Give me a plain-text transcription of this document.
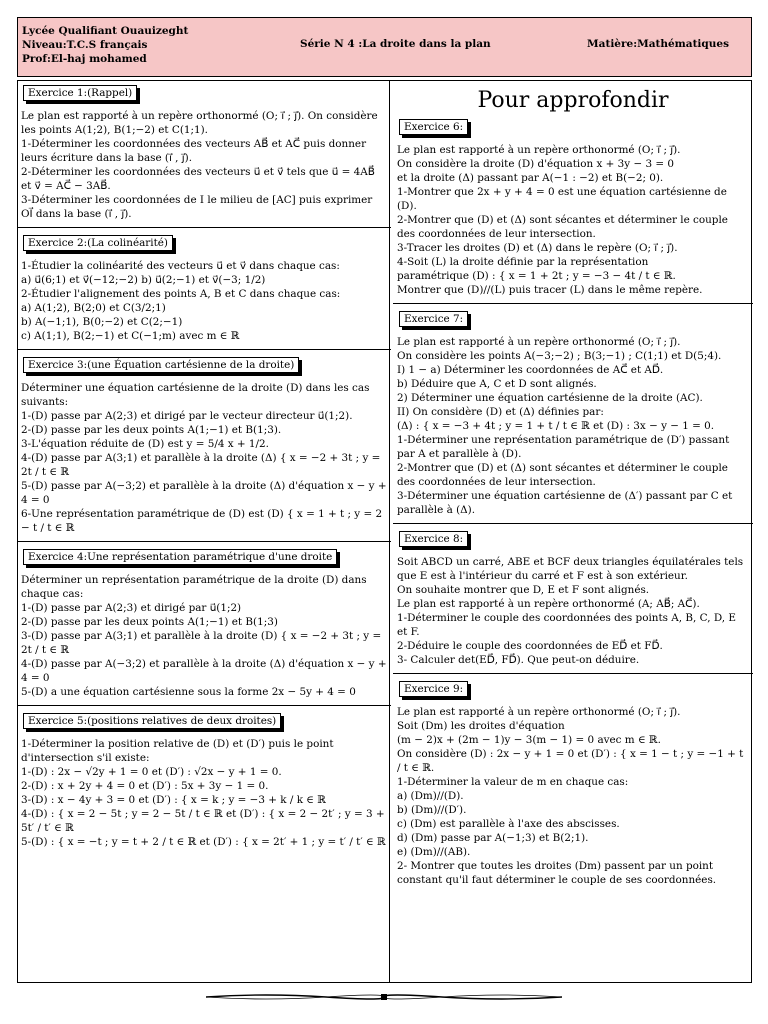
Lycée Qualifiant Ouauizeght
Niveau:T.C.S français
Prof:El-haj mohamed
Série N 4 :La droite dans la plan	Matière:Mathématiques
Exercice 1:(Rappel)

Le plan est rapporté à un repère orthonormé (O; i⃗ ; j⃗). On considère les points A(1;2), B(1;−2) et C(1;1).

1-Déterminer les coordonnées des vecteurs AB⃗ et AC⃗ puis donner leurs écriture dans la base (i⃗ , j⃗).

2-Déterminer les coordonnées des vecteurs u⃗ et v⃗ tels que u⃗ = 4AB⃗ et v⃗ = AC⃗ − 3AB⃗.

3-Déterminer les coordonnées de I le milieu de [AC] puis exprimer OI⃗ dans la base (i⃗ , j⃗).

Exercice 2:(La colinéarité)

1-Étudier la colinéarité des vecteurs u⃗ et v⃗ dans chaque cas:

a) u⃗(6;1) et v⃗(−12;−2) b) u⃗(2;−1) et v⃗(−3; 1/2)

2-Étudier l'alignement des points A, B et C dans chaque cas:

a) A(1;2), B(2;0) et C(3/2;1)

b) A(−1;1), B(0;−2) et C(2;−1)

c) A(1;1), B(2;−1) et C(−1;m) avec m ∈ ℝ

Exercice 3:(une Équation cartésienne de la droite)

Déterminer une équation cartésienne de la droite (D) dans les cas suivants:

1-(D) passe par A(2;3) et dirigé par le vecteur directeur u⃗(1;2).

2-(D) passe par les deux points A(1;−1) et B(1;3).

3-L'équation réduite de (D) est y = 5/4 x + 1/2.

4-(D) passe par A(3;1) et parallèle à la droite (Δ) { x = −2 + 3t ; y = 2t / t ∈ ℝ

5-(D) passe par A(−3;2) et parallèle à la droite (Δ) d'équation x − y + 4 = 0

6-Une représentation paramétrique de (D) est (D) { x = 1 + t ; y = 2 − t / t ∈ ℝ

Exercice 4:Une représentation paramétrique d'une droite

Déterminer un représentation paramétrique de la droite (D) dans chaque cas:

1-(D) passe par A(2;3) et dirigé par u⃗(1;2)

2-(D) passe par les deux points A(1;−1) et B(1;3)

3-(D) passe par A(3;1) et parallèle à la droite (D) { x = −2 + 3t ; y = 2t / t ∈ ℝ

4-(D) passe par A(−3;2) et parallèle à la droite (Δ) d'équation x − y + 4 = 0

5-(D) a une équation cartésienne sous la forme 2x − 5y + 4 = 0

Exercice 5:(positions relatives de deux droites)

1-Déterminer la position relative de (D) et (D′) puis le point d'intersection s'il existe:

1-(D) : 2x − √2y + 1 = 0 et (D′) : √2x − y + 1 = 0.

2-(D) : x + 2y + 4 = 0 et (D′) : 5x + 3y − 1 = 0.

3-(D) : x − 4y + 3 = 0 et (D′) : { x = k ; y = −3 + k / k ∈ ℝ

4-(D) : { x = 2 − 5t ; y = 2 − 5t / t ∈ ℝ et (D′) : { x = 2 − 2t′ ; y = 3 + 5t′ / t′ ∈ ℝ

5-(D) : { x = −t ; y = t + 2 / t ∈ ℝ et (D′) : { x = 2t′ + 1 ; y = t′ / t′ ∈ ℝ

Pour approfondir
Exercice 6:

Le plan est rapporté à un repère orthonormé (O; i⃗ ; j⃗).

On considère la droite (D) d'équation x + 3y − 3 = 0

et la droite (Δ) passant par A(−1 : −2) et B(−2; 0).

1-Montrer que 2x + y + 4 = 0 est une équation cartésienne de (D).

2-Montrer que (D) et (Δ) sont sécantes et déterminer le couple des coordonnées de leur intersection.

3-Tracer les droites (D) et (Δ) dans le repère (O; i⃗ ; j⃗).

4-Soit (L) la droite définie par la représentation

paramétrique (D) : { x = 1 + 2t ; y = −3 − 4t / t ∈ ℝ.

Montrer que (D)//(L) puis tracer (L) dans le même repère.

Exercice 7:

Le plan est rapporté à un repère orthonormé (O; i⃗ ; j⃗).

On considère les points A(−3;−2) ; B(3;−1) ; C(1;1) et D(5;4).

I) 1 − a) Déterminer les coordonnées de AC⃗ et AD⃗.

b) Déduire que A, C et D sont alignés.

2) Déterminer une équation cartésienne de la droite (AC).

II) On considère (D) et (Δ) définies par:

(Δ) : { x = −3 + 4t ; y = 1 + t / t ∈ ℝ et (D) : 3x − y − 1 = 0.

1-Déterminer une représentation paramétrique de (D′) passant par A et parallèle à (D).

2-Montrer que (D) et (Δ) sont sécantes et déterminer le couple des coordonnées de leur intersection.

3-Déterminer une équation cartésienne de (Δ′) passant par C et parallèle à (Δ).

Exercice 8:

Soit ABCD un carré, ABE et BCF deux triangles équilatérales tels que E est à l'intérieur du carré et F est à son extérieur.

On souhaite montrer que D, E et F sont alignés.

Le plan est rapporté à un repère orthonormé (A; AB⃗; AC⃗).

1-Déterminer le couple des coordonnées des points A, B, C, D, E et F.

2-Déduire le couple des coordonnées de ED⃗ et FD⃗.

3- Calculer det(ED⃗, FD⃗). Que peut-on déduire.

Exercice 9:

Le plan est rapporté à un repère orthonormé (O; i⃗ ; j⃗).

Soit (Dm) les droites d'équation

(m − 2)x + (2m − 1)y − 3(m − 1) = 0 avec m ∈ ℝ.

On considère (D) : 2x − y + 1 = 0 et (D′) : { x = 1 − t ; y = −1 + t / t ∈ ℝ.

1-Déterminer la valeur de m en chaque cas:

a) (Dm)//(D).

b) (Dm)//(D′).

c) (Dm) est parallèle à l'axe des abscisses.

d) (Dm) passe par A(−1;3) et B(2;1).

e) (Dm)//(AB).

2- Montrer que toutes les droites (Dm) passent par un point constant qu'il faut déterminer le couple de ses coordonnées.
